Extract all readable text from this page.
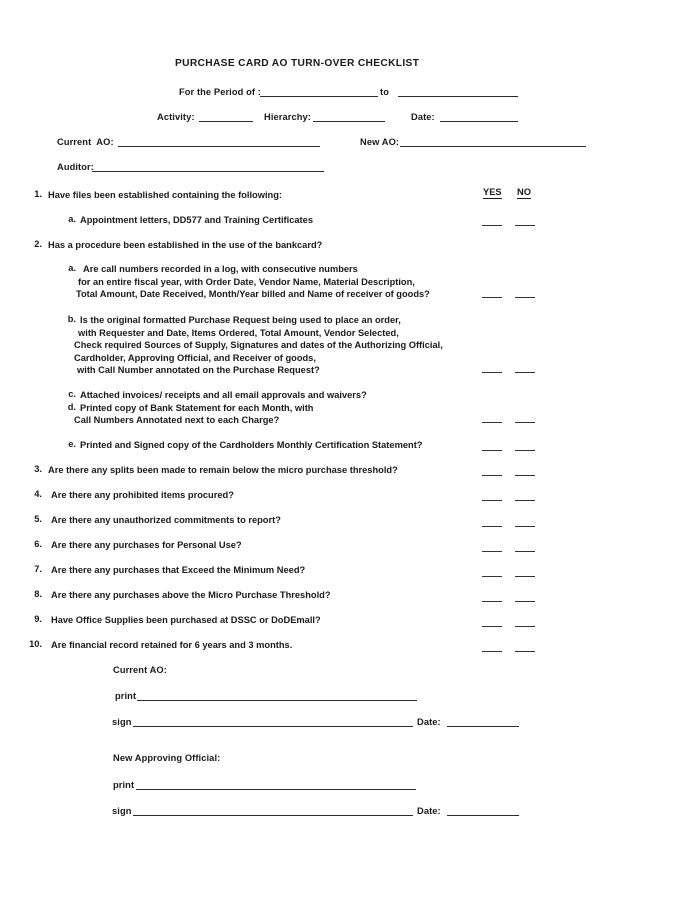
PURCHASE CARD AO TURN-OVER CHECKLIST
For the Period of :	to
Activity:	Hierarchy:	Date:
Current  AO:	New AO:
Auditor:
YES NO
1. Have files been established containing the following:
a. Appointment letters, DD577 and Training Certificates
2. Has a procedure been established in the use of the bankcard?
a. Are call numbers recorded in a log, with consecutive numbers
for an entire fiscal year, with Order Date, Vendor Name, Material Description,
Total Amount, Date Received, Month/Year billed and Name of receiver of goods?
b. Is the original formatted Purchase Request being used to place an order,
with Requester and Date, Items Ordered, Total Amount, Vendor Selected,
Check required Sources of Supply, Signatures and dates of the Authorizing Official,
Cardholder, Approving Official, and Receiver of goods,
with Call Number annotated on the Purchase Request?
c. Attached invoices/ receipts and all email approvals and waivers?
d. Printed copy of Bank Statement for each Month, with
Call Numbers Annotated next to each Charge?
e. Printed and Signed copy of the Cardholders Monthly Certification Statement?
3. Are there any splits been made to remain below the micro purchase threshold?
4. Are there any prohibited items procured?
5. Are there any unauthorized commitments to report?
6. Are there any purchases for Personal Use?
7. Are there any purchases that Exceed the Minimum Need?
8. Are there any purchases above the Micro Purchase Threshold?
9. Have Office Supplies been purchased at DSSC or DoDEmall?
10. Are financial record retained for 6 years and 3 months.
Current AO:
print
sign	Date:
New Approving Official:
print
sign	Date:
